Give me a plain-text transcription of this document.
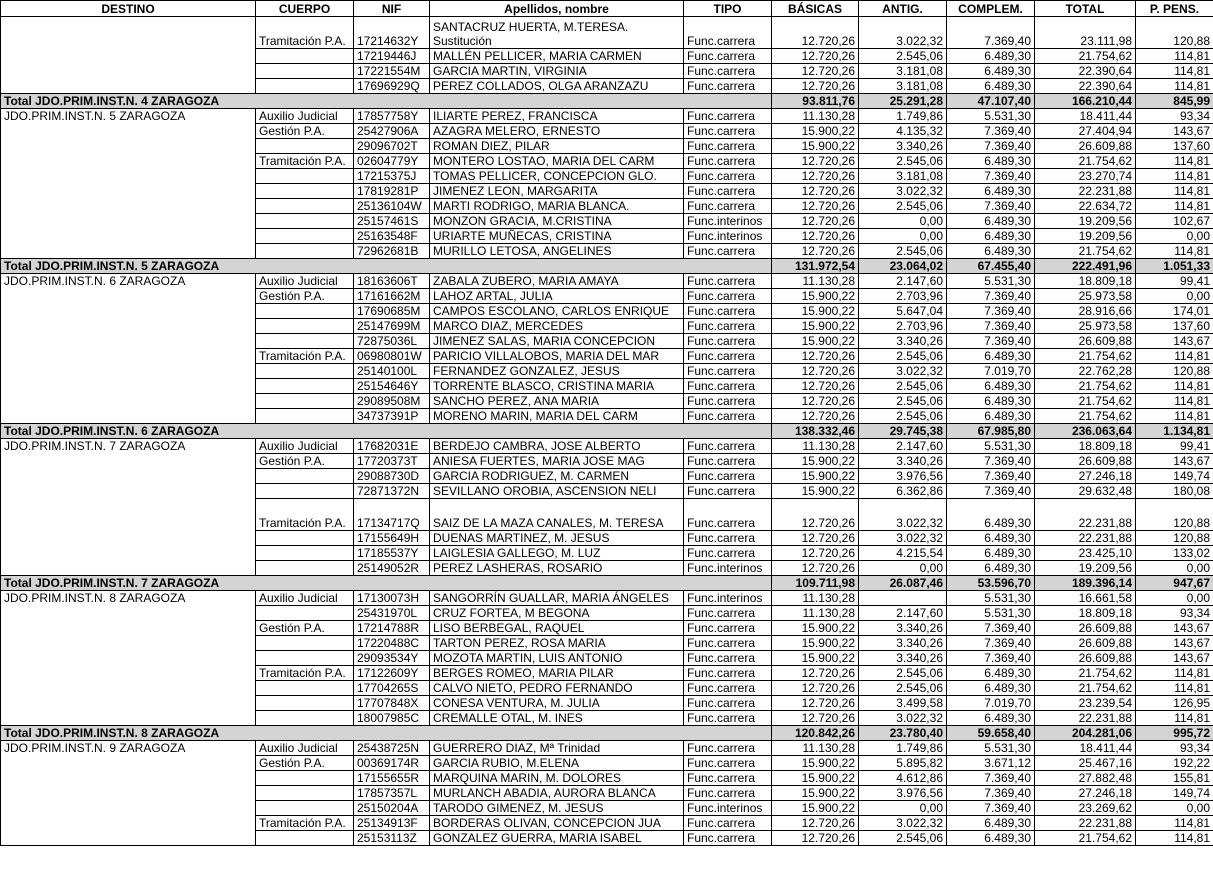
DESTINO	CUERPO	NIF	Apellidos, nombre	TIPO	BÁSICAS	ANTIG.	COMPLEM.	TOTAL	P. PENS.
	Tramitación P.A.	17214632Y	SANTACRUZ HUERTA, M.TERESA.
Sustitución	Func.carrera	12.720,26	3.022,32	7.369,40	23.111,98	120,88
		17219446J	MALLÉN PELLICER, MARIA CARMEN	Func.carrera	12.720,26	2.545,06	6.489,30	21.754,62	114,81
		17221554M	GARCIA MARTIN, VIRGINIA	Func.carrera	12.720,26	3.181,08	6.489,30	22.390,64	114,81
		17696929Q	PEREZ COLLADOS, OLGA ARANZAZU	Func.carrera	12.720,26	3.181,08	6.489,30	22.390,64	114,81
Total JDO.PRIM.INST.N. 4 ZARAGOZA					93.811,76	25.291,28	47.107,40	166.210,44	845,99
JDO.PRIM.INST.N. 5 ZARAGOZA	Auxilio Judicial	17857758Y	ILIARTE PEREZ, FRANCISCA	Func.carrera	11.130,28	1.749,86	5.531,30	18.411,44	93,34
	Gestión P.A.	25427906A	AZAGRA MELERO, ERNESTO	Func.carrera	15.900,22	4.135,32	7.369,40	27.404,94	143,67
		29096702T	ROMAN DIEZ, PILAR	Func.carrera	15.900,22	3.340,26	7.369,40	26.609,88	137,60
	Tramitación P.A.	02604779Y	MONTERO LOSTAO, MARIA DEL CARM	Func.carrera	12.720,26	2.545,06	6.489,30	21.754,62	114,81
		17215375J	TOMAS PELLICER, CONCEPCION GLO.	Func.carrera	12.720,26	3.181,08	7.369,40	23.270,74	114,81
		17819281P	JIMENEZ LEON, MARGARITA	Func.carrera	12.720,26	3.022,32	6.489,30	22.231,88	114,81
		25136104W	MARTI RODRIGO, MARIA BLANCA.	Func.carrera	12.720,26	2.545,06	7.369,40	22.634,72	114,81
		25157461S	MONZON GRACIA, M.CRISTINA	Func.interinos	12.720,26	0,00	6.489,30	19.209,56	102,67
		25163548F	URIARTE MUÑECAS, CRISTINA	Func.interinos	12.720,26	0,00	6.489,30	19.209,56	0,00
		72962681B	MURILLO LETOSA, ANGELINES	Func.carrera	12.720,26	2.545,06	6.489,30	21.754,62	114,81
Total JDO.PRIM.INST.N. 5 ZARAGOZA					131.972,54	23.064,02	67.455,40	222.491,96	1.051,33
JDO.PRIM.INST.N. 6 ZARAGOZA	Auxilio Judicial	18163606T	ZABALA ZUBERO, MARIA AMAYA	Func.carrera	11.130,28	2.147,60	5.531,30	18.809,18	99,41
	Gestión P.A.	17161662M	LAHOZ ARTAL, JULIA	Func.carrera	15.900,22	2.703,96	7.369,40	25.973,58	0,00
		17690685M	CAMPOS ESCOLANO, CARLOS ENRIQUE	Func.carrera	15.900,22	5.647,04	7.369,40	28.916,66	174,01
		25147699M	MARCO DIAZ, MERCEDES	Func.carrera	15.900,22	2.703,96	7.369,40	25.973,58	137,60
		72875036L	JIMENEZ SALAS, MARIA CONCEPCION	Func.carrera	15.900,22	3.340,26	7.369,40	26.609,88	143,67
	Tramitación P.A.	06980801W	PARICIO VILLALOBOS, MARIA DEL MAR	Func.carrera	12.720,26	2.545,06	6.489,30	21.754,62	114,81
		25140100L	FERNANDEZ GONZALEZ, JESUS	Func.carrera	12.720,26	3.022,32	7.019,70	22.762,28	120,88
		25154646Y	TORRENTE BLASCO, CRISTINA MARIA	Func.carrera	12.720,26	2.545,06	6.489,30	21.754,62	114,81
		29089508M	SANCHO PEREZ, ANA MARIA	Func.carrera	12.720,26	2.545,06	6.489,30	21.754,62	114,81
		34737391P	MORENO MARIN, MARIA DEL CARM	Func.carrera	12.720,26	2.545,06	6.489,30	21.754,62	114,81
Total JDO.PRIM.INST.N. 6 ZARAGOZA					138.332,46	29.745,38	67.985,80	236.063,64	1.134,81
JDO.PRIM.INST.N. 7 ZARAGOZA	Auxilio Judicial	17682031E	BERDEJO CAMBRA, JOSE ALBERTO	Func.carrera	11.130,28	2.147,60	5.531,30	18.809,18	99,41
	Gestión P.A.	17720373T	ANIESA FUERTES, MARIA JOSE MAG	Func.carrera	15.900,22	3.340,26	7.369,40	26.609,88	143,67
		29088730D	GARCIA RODRIGUEZ, M. CARMEN	Func.carrera	15.900,22	3.976,56	7.369,40	27.246,18	149,74
		72871372N	SEVILLANO OROBIA, ASCENSION NELI	Func.carrera	15.900,22	6.362,86	7.369,40	29.632,48	180,08
	Tramitación P.A.	17134717Q	SAIZ DE LA MAZA CANALES, M. TERESA	Func.carrera	12.720,26	3.022,32	6.489,30	22.231,88	120,88
		17155649H	DUENAS MARTINEZ, M. JESUS	Func.carrera	12.720,26	3.022,32	6.489,30	22.231,88	120,88
		17185537Y	LAIGLESIA GALLEGO, M. LUZ	Func.carrera	12.720,26	4.215,54	6.489,30	23.425,10	133,02
		25149052R	PEREZ LASHERAS, ROSARIO	Func.interinos	12.720,26	0,00	6.489,30	19.209,56	0,00
Total JDO.PRIM.INST.N. 7 ZARAGOZA					109.711,98	26.087,46	53.596,70	189.396,14	947,67
JDO.PRIM.INST.N. 8 ZARAGOZA	Auxilio Judicial	17130073H	SANGORRÍN GUALLAR, MARIA ÁNGELES	Func.interinos	11.130,28		5.531,30	16.661,58	0,00
		25431970L	CRUZ FORTEA, M BEGONA	Func.carrera	11.130,28	2.147,60	5.531,30	18.809,18	93,34
	Gestión P.A.	17214788R	LISO BERBEGAL, RAQUEL	Func.carrera	15.900,22	3.340,26	7.369,40	26.609,88	143,67
		17220488C	TARTON PEREZ, ROSA MARIA	Func.carrera	15.900,22	3.340,26	7.369,40	26.609,88	143,67
		29093534Y	MOZOTA MARTIN, LUIS ANTONIO	Func.carrera	15.900,22	3.340,26	7.369,40	26.609,88	143,67
	Tramitación P.A.	17122609Y	BERGES ROMEO, MARIA PILAR	Func.carrera	12.720,26	2.545,06	6.489,30	21.754,62	114,81
		17704265S	CALVO NIETO, PEDRO FERNANDO	Func.carrera	12.720,26	2.545,06	6.489,30	21.754,62	114,81
		17707848X	CONESA VENTURA, M. JULIA	Func.carrera	12.720,26	3.499,58	7.019,70	23.239,54	126,95
		18007985C	CREMALLE OTAL, M. INES	Func.carrera	12.720,26	3.022,32	6.489,30	22.231,88	114,81
Total JDO.PRIM.INST.N. 8 ZARAGOZA					120.842,26	23.780,40	59.658,40	204.281,06	995,72
JDO.PRIM.INST.N. 9 ZARAGOZA	Auxilio Judicial	25438725N	GUERRERO DIAZ, Mª Trinidad	Func.carrera	11.130,28	1.749,86	5.531,30	18.411,44	93,34
	Gestión P.A.	00369174R	GARCIA RUBIO, M.ELENA	Func.carrera	15.900,22	5.895,82	3.671,12	25.467,16	192,22
		17155655R	MARQUINA MARIN, M. DOLORES	Func.carrera	15.900,22	4.612,86	7.369,40	27.882,48	155,81
		17857357L	MURLANCH ABADIA, AURORA BLANCA	Func.carrera	15.900,22	3.976,56	7.369,40	27.246,18	149,74
		25150204A	TARODO GIMENEZ, M. JESUS	Func.interinos	15.900,22	0,00	7.369,40	23.269,62	0,00
	Tramitación P.A.	25134913F	BORDERAS OLIVAN, CONCEPCION JUA	Func.carrera	12.720,26	3.022,32	6.489,30	22.231,88	114,81
		25153113Z	GONZALEZ GUERRA, MARIA ISABEL	Func.carrera	12.720,26	2.545,06	6.489,30	21.754,62	114,81
